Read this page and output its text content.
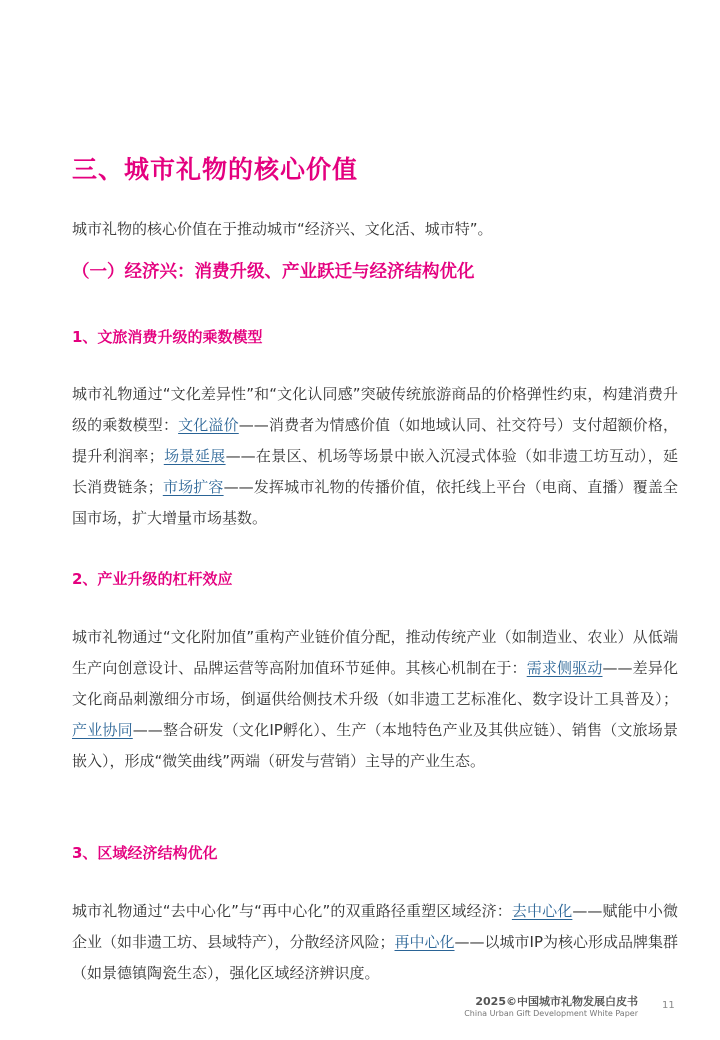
三、城市礼物的核心价值
城市礼物的核心价值在于推动城市“经济兴、文化活、城市特”。
（一）经济兴：消费升级、产业跃迁与经济结构优化
1、文旅消费升级的乘数模型
城市礼物通过“文化差异性”和“文化认同感”突破传统旅游商品的价格弹性约束，构建消费升级的乘数模型：文化溢价——消费者为情感价值（如地域认同、社交符号）支付超额价格，提升利润率；场景延展——在景区、机场等场景中嵌入沉浸式体验（如非遗工坊互动），延长消费链条；市场扩容——发挥城市礼物的传播价值，依托线上平台（电商、直播）覆盖全国市场，扩大增量市场基数。
2、产业升级的杠杆效应
城市礼物通过“文化附加值”重构产业链价值分配，推动传统产业（如制造业、农业）从低端生产向创意设计、品牌运营等高附加值环节延伸。其核心机制在于：需求侧驱动——差异化文化商品刺激细分市场，倒逼供给侧技术升级（如非遗工艺标准化、数字设计工具普及）；产业协同——整合研发（文化IP孵化）、生产（本地特色产业及其供应链）、销售（文旅场景嵌入），形成“微笑曲线”两端（研发与营销）主导的产业生态。
3、区域经济结构优化
城市礼物通过“去中心化”与“再中心化”的双重路径重塑区域经济：去中心化——赋能中小微企业（如非遗工坊、县域特产），分散经济风险；再中心化——以城市IP为核心形成品牌集群（如景德镇陶瓷生态），强化区域经济辨识度。
2025©中国城市礼物发展白皮书
China Urban Gift Development White Paper
11
